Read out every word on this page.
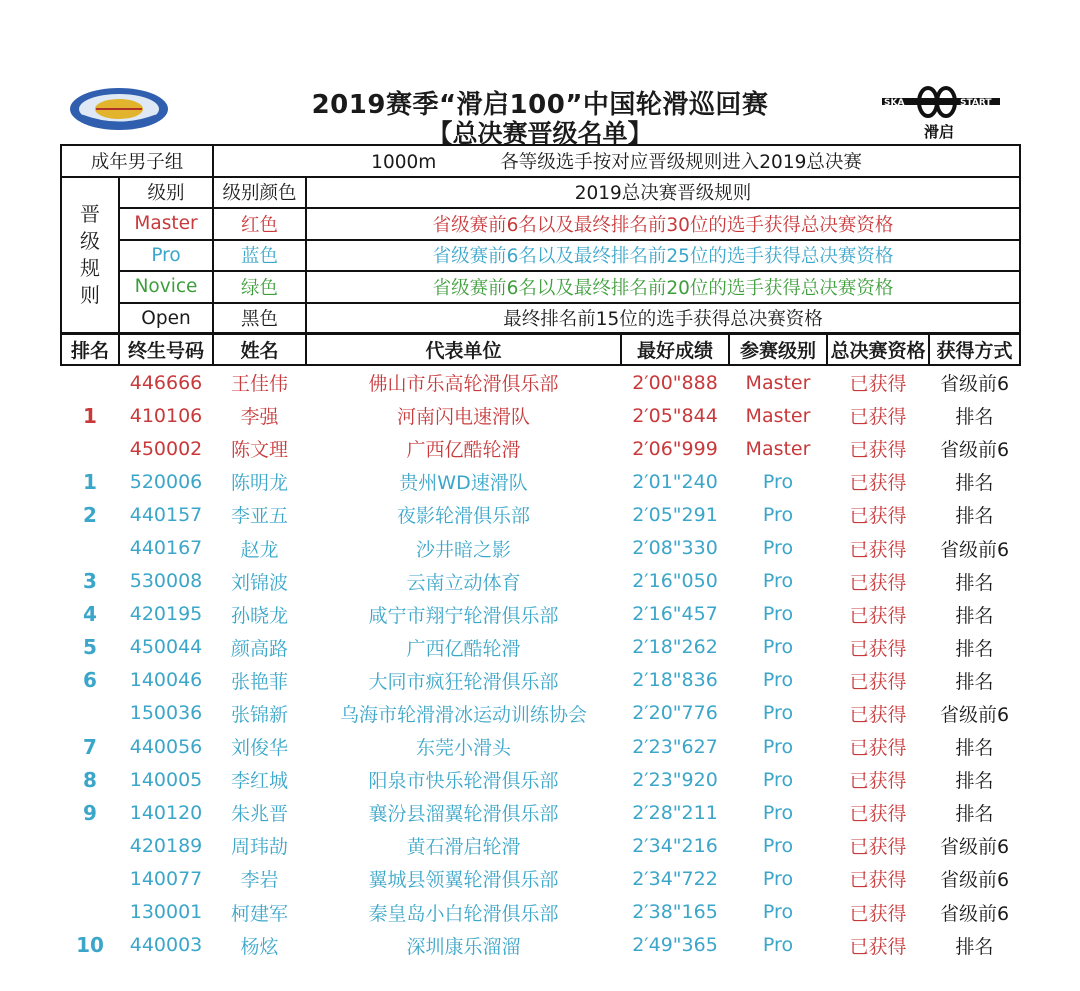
2019赛季“滑启100”中国轮滑巡回赛
【总决赛晋级名单】
SKA	START
滑启
成年男子组		1000m 各等级选手按对应晋级规则进入2019总决赛	
晋
级
规
则	级别	级别颜色	2019总决赛晋级规则
	Master	红色	省级赛前6名以及最终排名前30位的选手获得总决赛资格
	Pro	蓝色	省级赛前6名以及最终排名前25位的选手获得总决赛资格
	Novice	绿色	省级赛前6名以及最终排名前20位的选手获得总决赛资格
	Open	黑色	最终排名前15位的选手获得总决赛资格
排名	终生号码	姓名	代表单位	最好成绩	参赛级别	总决赛资格	获得方式
	446666	王佳伟	佛山市乐高轮滑俱乐部	2′00"888	Master	已获得	省级前6
1	410106	李强	河南闪电速滑队	2′05"844	Master	已获得	排名
	450002	陈文理	广西亿酷轮滑	2′06"999	Master	已获得	省级前6
1	520006	陈明龙	贵州WD速滑队	2′01"240	Pro	已获得	排名
2	440157	李亚五	夜影轮滑俱乐部	2′05"291	Pro	已获得	排名
	440167	赵龙	沙井暗之影	2′08"330	Pro	已获得	省级前6
3	530008	刘锦波	云南立动体育	2′16"050	Pro	已获得	排名
4	420195	孙晓龙	咸宁市翔宁轮滑俱乐部	2′16"457	Pro	已获得	排名
5	450044	颜高路	广西亿酷轮滑	2′18"262	Pro	已获得	排名
6	140046	张艳菲	大同市疯狂轮滑俱乐部	2′18"836	Pro	已获得	排名
	150036	张锦新	乌海市轮滑滑冰运动训练协会	2′20"776	Pro	已获得	省级前6
7	440056	刘俊华	东莞小滑头	2′23"627	Pro	已获得	排名
8	140005	李红城	阳泉市快乐轮滑俱乐部	2′23"920	Pro	已获得	排名
9	140120	朱兆晋	襄汾县溜翼轮滑俱乐部	2′28"211	Pro	已获得	排名
	420189	周玮劼	黄石滑启轮滑	2′34"216	Pro	已获得	省级前6
	140077	李岩	翼城县领翼轮滑俱乐部	2′34"722	Pro	已获得	省级前6
	130001	柯建军	秦皇岛小白轮滑俱乐部	2′38"165	Pro	已获得	省级前6
10	440003	杨炫	深圳康乐溜溜	2′49"365	Pro	已获得	排名
